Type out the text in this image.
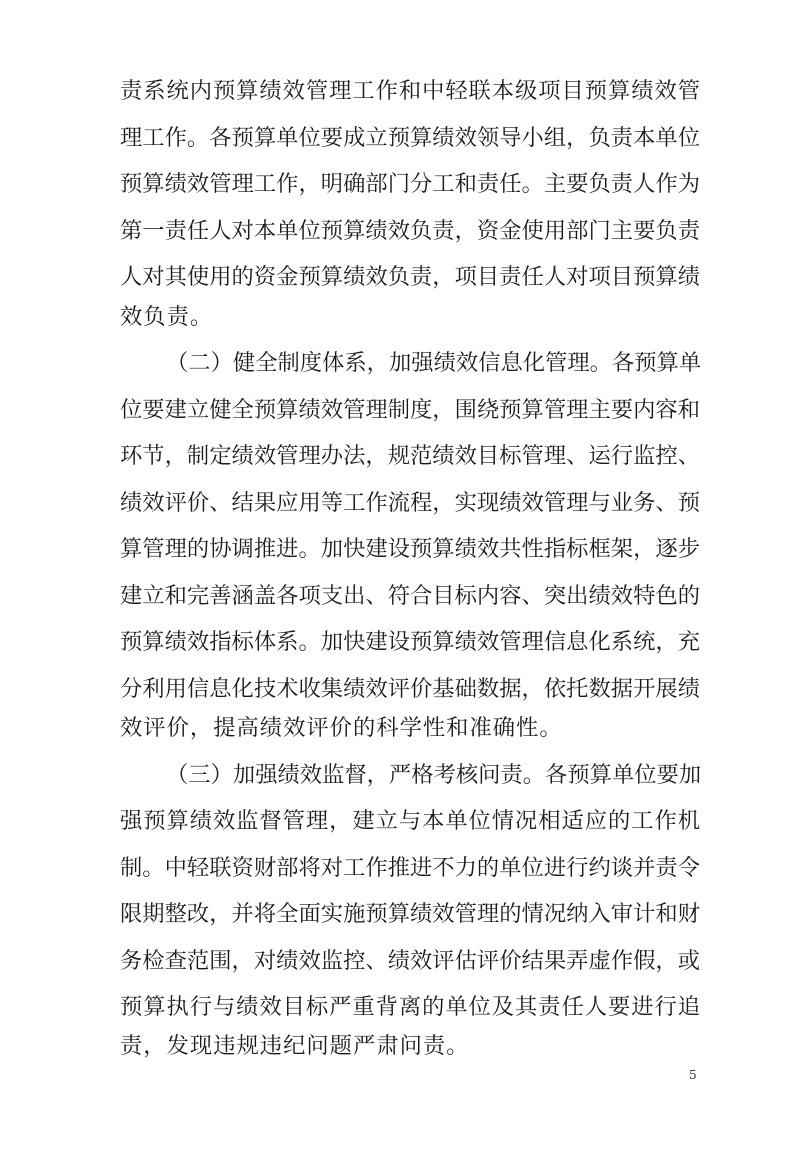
责系统内预算绩效管理工作和中轻联本级项目预算绩效管
理工作。各预算单位要成立预算绩效领导小组，负责本单位
预算绩效管理工作，明确部门分工和责任。主要负责人作为
第一责任人对本单位预算绩效负责，资金使用部门主要负责
人对其使用的资金预算绩效负责，项目责任人对项目预算绩
效负责。
（二）健全制度体系，加强绩效信息化管理。各预算单
位要建立健全预算绩效管理制度，围绕预算管理主要内容和
环节，制定绩效管理办法，规范绩效目标管理、运行监控、
绩效评价、结果应用等工作流程，实现绩效管理与业务、预
算管理的协调推进。加快建设预算绩效共性指标框架，逐步
建立和完善涵盖各项支出、符合目标内容、突出绩效特色的
预算绩效指标体系。加快建设预算绩效管理信息化系统，充
分利用信息化技术收集绩效评价基础数据，依托数据开展绩
效评价，提高绩效评价的科学性和准确性。
（三）加强绩效监督，严格考核问责。各预算单位要加
强预算绩效监督管理，建立与本单位情况相适应的工作机
制。中轻联资财部将对工作推进不力的单位进行约谈并责令
限期整改，并将全面实施预算绩效管理的情况纳入审计和财
务检查范围，对绩效监控、绩效评估评价结果弄虚作假，或
预算执行与绩效目标严重背离的单位及其责任人要进行追
责，发现违规违纪问题严肃问责。
5
